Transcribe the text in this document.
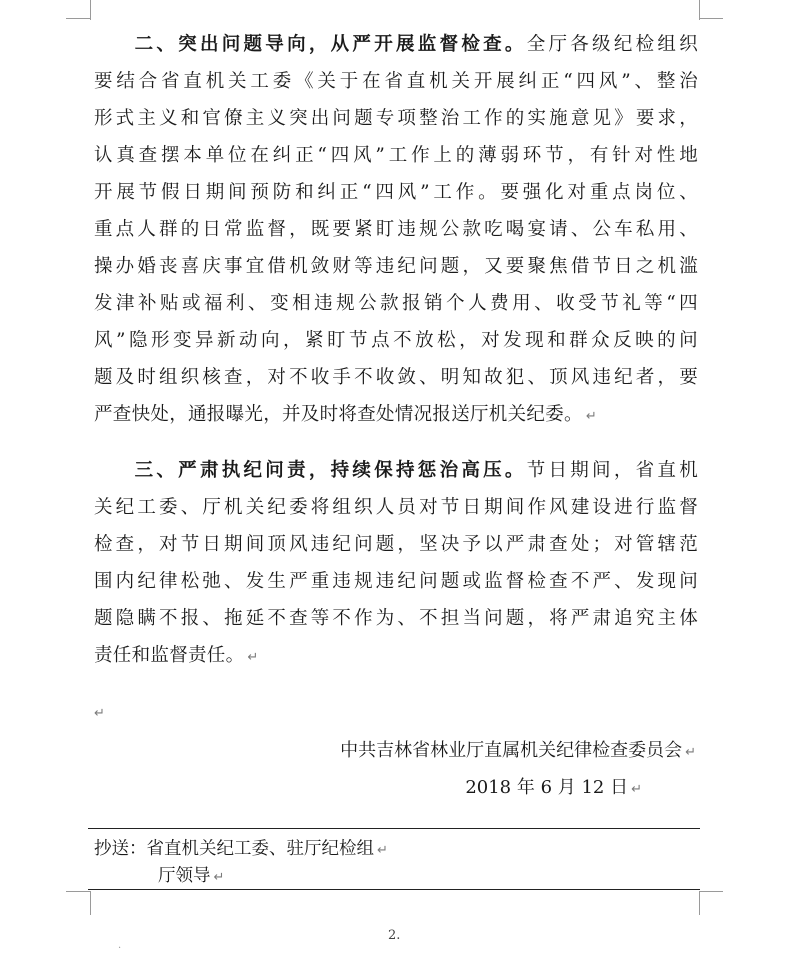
  二、突出问题导向，从严开展监督检查。全厅各级纪检组织
要结合省直机关工委《关于在省直机关开展纠正“四风”、整治
形式主义和官僚主义突出问题专项整治工作的实施意见》要求，
认真查摆本单位在纠正“四风”工作上的薄弱环节，有针对性地
开展节假日期间预防和纠正“四风”工作。要强化对重点岗位、
重点人群的日常监督，既要紧盯违规公款吃喝宴请、公车私用、
操办婚丧喜庆事宜借机敛财等违纪问题，又要聚焦借节日之机滥
发津补贴或福利、变相违规公款报销个人费用、收受节礼等“四
风”隐形变异新动向，紧盯节点不放松，对发现和群众反映的问
题及时组织核查，对不收手不收敛、明知故犯、顶风违纪者，要
严查快处，通报曝光，并及时将查处情况报送厅机关纪委。 ↵
  三、严肃执纪问责，持续保持惩治高压。节日期间，省直机
关纪工委、厅机关纪委将组织人员对节日期间作风建设进行监督
检查，对节日期间顶风违纪问题，坚决予以严肃查处；对管辖范
围内纪律松弛、发生严重违规违纪问题或监督检查不严、发现问
题隐瞒不报、拖延不查等不作为、不担当问题，将严肃追究主体
责任和监督责任。 ↵
↵
中共吉林省林业厅直属机关纪律检查委员会 ↵
2018 年 6 月 12 日 ↵
抄送：省直机关纪工委、驻厅纪检组 ↵
厅领导 ↵
2.
.
